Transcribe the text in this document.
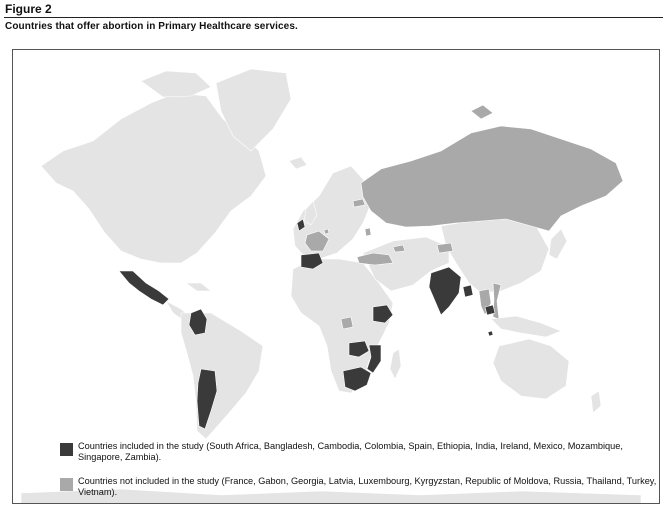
Figure 2
Countries that offer abortion in Primary Healthcare services.
Countries included in the study (South Africa, Bangladesh, Cambodia, Colombia, Spain, Ethiopia, India, Ireland, Mexico, Mozambique, Singapore, Zambia).
Countries not included in the study (France, Gabon, Georgia, Latvia, Luxembourg, Kyrgyzstan, Republic of Moldova, Russia, Thailand, Turkey, Vietnam).
